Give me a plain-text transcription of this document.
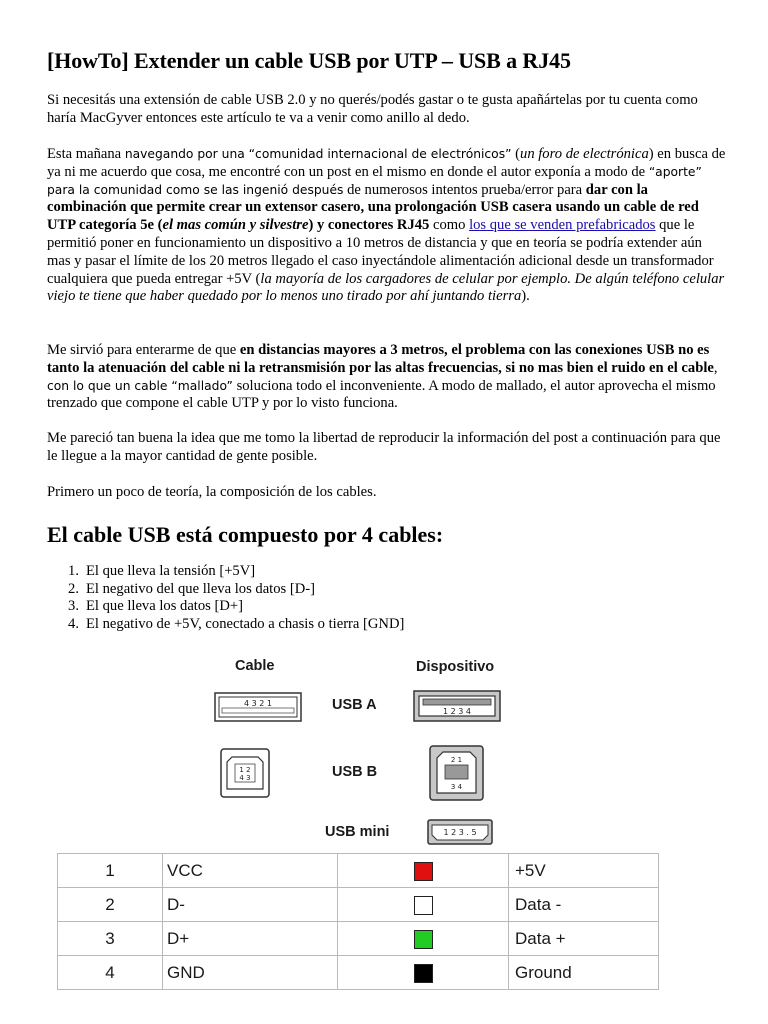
[HowTo] Extender un cable USB por UTP – USB a RJ45

Si necesitás una extensión de cable USB 2.0 y no querés/podés gastar o te gusta apañártelas por tu cuenta como haría MacGyver entonces este artículo te va a venir como anillo al dedo.

Esta mañana navegando por una “comunidad internacional de electrónicos” (un foro de electrónica) en busca de ya ni me acuerdo que cosa, me encontré con un post en el mismo en donde el autor exponía a modo de “aporte” para la comunidad como se las ingenió después de numerosos intentos prueba/error para dar con la combinación que permite crear un extensor casero, una prolongación USB casera usando un cable de red UTP categoría 5e (el mas común y silvestre) y conectores RJ45 como los que se venden prefabricados que le permitió poner en funcionamiento un dispositivo a 10 metros de distancia y que en teoría se podría extender aún mas y pasar el límite de los 20 metros llegado el caso inyectándole alimentación adicional desde un transformador cualquiera que pueda entregar +5V (la mayoría de los cargadores de celular por ejemplo. De algún teléfono celular viejo te tiene que haber quedado por lo menos uno tirado por ahí juntando tierra).

Me sirvió para enterarme de que en distancias mayores a 3 metros, el problema con las conexiones USB no es tanto la atenuación del cable ni la retransmisión por las altas frecuencias, si no mas bien el ruido en el cable, con lo que un cable “mallado” soluciona todo el inconveniente. A modo de mallado, el autor aprovecha el mismo trenzado que compone el cable UTP y por lo visto funciona.

Me pareció tan buena la idea que me tomo la libertad de reproducir la información del post a continuación para que le llegue a la mayor cantidad de gente posible.

Primero un poco de teoría, la composición de los cables.

El cable USB está compuesto por 4 cables:
1. El que lleva la tensión [+5V]
2. El negativo del que lleva los datos [D-]
3. El que lleva los datos [D+]
4. El negativo de +5V, conectado a chasis o tierra [GND]
Cable	Dispositivo
USB A
USB B
USB mini
4 3 2 1
1 2 3 4
1 2
4 3
2 1
3 4
1 2 3 . 5
1	VCC		+5V
2	D-		Data -
3	D+		Data +
4	GND		Ground
